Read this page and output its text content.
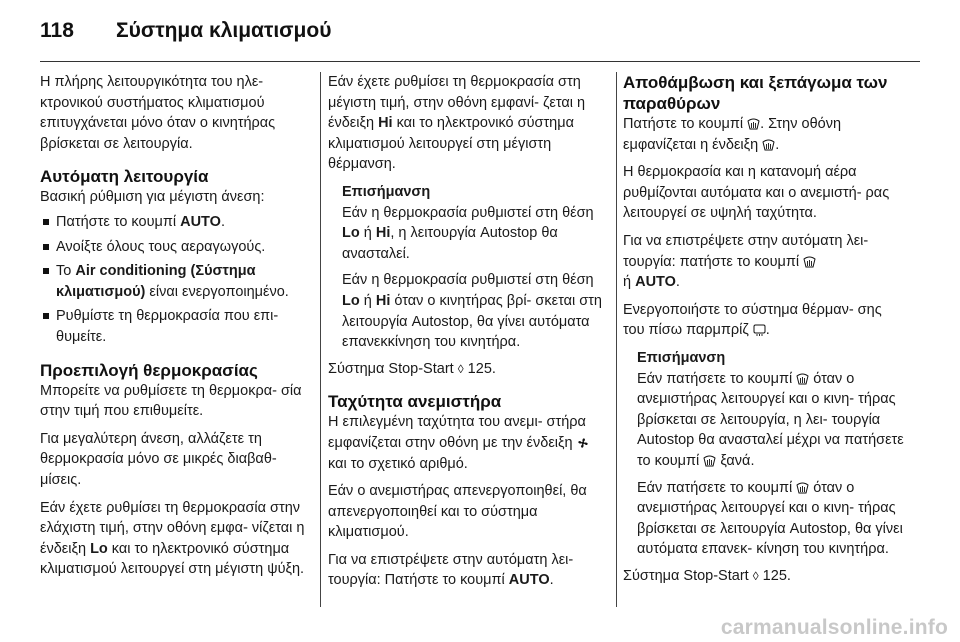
118	Σύστημα κλιματισμού

Η πλήρης λειτουργικότητα του ηλε- κτρονικού συστήματος κλιματισμού επιτυγχάνεται μόνο όταν ο κινητήρας βρίσκεται σε λειτουργία.

Αυτόματη λειτουργία

Βασική ρύθμιση για μέγιστη άνεση:

Πατήστε το κουμπί AUTO.
Ανοίξτε όλους τους αεραγωγούς.
Το Air conditioning (Σύστημα κλιματισμού) είναι ενεργοποιημένο.
Ρυθμίστε τη θερμοκρασία που επι- θυμείτε.
Προεπιλογή θερμοκρασίας

Μπορείτε να ρυθμίσετε τη θερμοκρα- σία στην τιμή που επιθυμείτε.

Για μεγαλύτερη άνεση, αλλάζετε τη θερμοκρασία μόνο σε μικρές διαβαθ- μίσεις.

Εάν έχετε ρυθμίσει τη θερμοκρασία στην ελάχιστη τιμή, στην οθόνη εμφα- νίζεται η ένδειξη Lo και το ηλεκτρονικό σύστημα κλιματισμού λειτουργεί στη μέγιστη ψύξη.

Εάν έχετε ρυθμίσει τη θερμοκρασία στη μέγιστη τιμή, στην οθόνη εμφανί- ζεται η ένδειξη Hi και το ηλεκτρονικό σύστημα κλιματισμού λειτουργεί στη μέγιστη θέρμανση.

Επισήμανση

Εάν η θερμοκρασία ρυθμιστεί στη θέση Lo ή Hi, η λειτουργία Autostop θα ανασταλεί.

Εάν η θερμοκρασία ρυθμιστεί στη θέση Lo ή Hi όταν ο κινητήρας βρί- σκεται στη λειτουργία Autostop, θα γίνει αυτόματα επανεκκίνηση του κινητήρα.

Σύστημα Stop-Start ◊ 125.

Ταχύτητα ανεμιστήρα

Η επιλεγμένη ταχύτητα του ανεμι- στήρα εμφανίζεται στην οθόνη με την ένδειξη  και το σχετικό αριθμό.

Εάν ο ανεμιστήρας απενεργοποιηθεί, θα απενεργοποιηθεί και το σύστημα κλιματισμού.

Για να επιστρέψετε στην αυτόματη λει- τουργία: Πατήστε το κουμπί AUTO.

Αποθάμβωση και ξεπάγωμα των παραθύρων

Πατήστε το κουμπί . Στην οθόνη εμφανίζεται η ένδειξη .

Η θερμοκρασία και η κατανομή αέρα ρυθμίζονται αυτόματα και ο ανεμιστή- ρας λειτουργεί σε υψηλή ταχύτητα.

Για να επιστρέψετε στην αυτόματη λει- τουργία: πατήστε το κουμπί
ή AUTO.

Ενεργοποιήστε το σύστημα θέρμαν- σης του πίσω παρμπρίζ .

Επισήμανση

Εάν πατήσετε το κουμπί  όταν ο ανεμιστήρας λειτουργεί και ο κινη- τήρας βρίσκεται σε λειτουργία, η λει- τουργία Autostop θα ανασταλεί μέχρι να πατήσετε το κουμπί  ξανά.

Εάν πατήσετε το κουμπί  όταν ο ανεμιστήρας λειτουργεί και ο κινη- τήρας βρίσκεται σε λειτουργία Autostop, θα γίνει αυτόματα επανεκ- κίνηση του κινητήρα.

Σύστημα Stop-Start ◊ 125.

carmanualsonline.info
